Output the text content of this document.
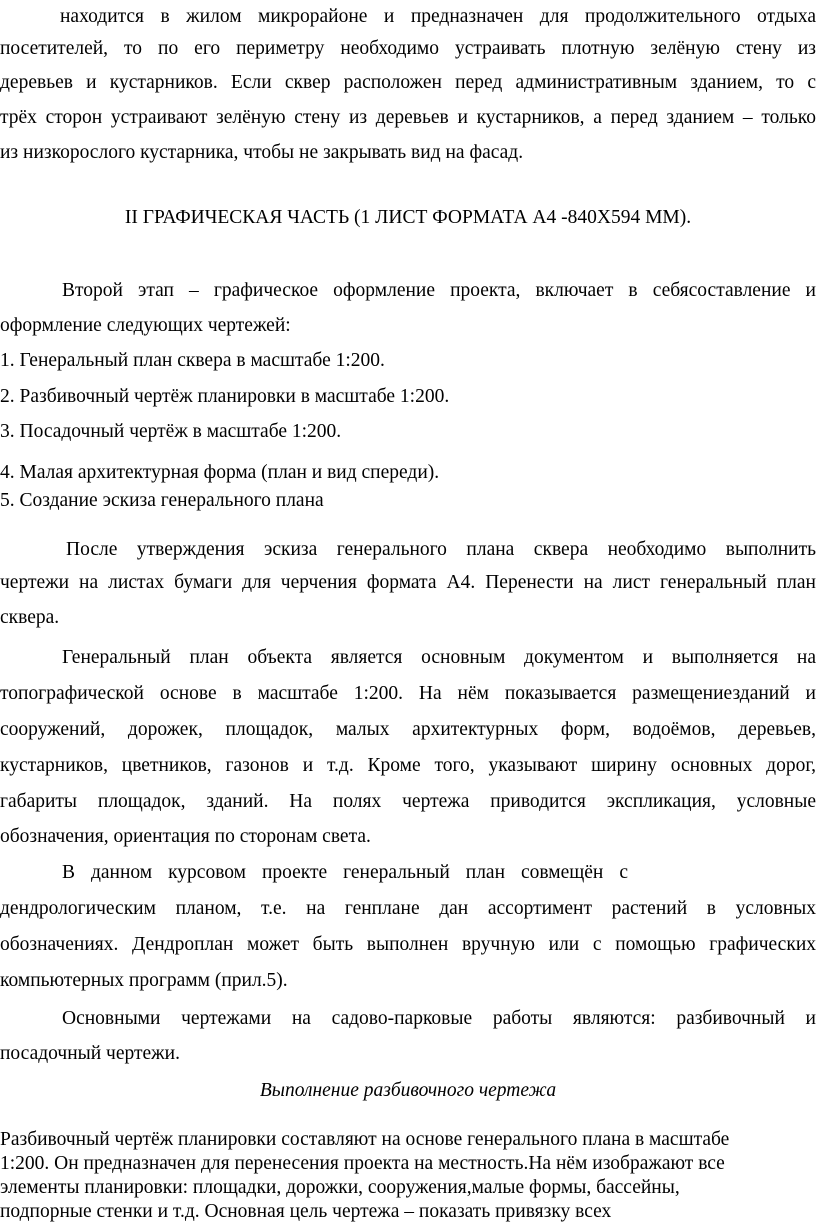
находится в жилом микрорайоне и предназначен для продолжительного отдыха
посетителей, то по его периметру необходимо устраивать плотную зелёную стену из
деревьев и кустарников. Если сквер расположен перед административным зданием, то с
трёх сторон устраивают зелёную стену из деревьев и кустарников, а перед зданием – только
из низкорослого кустарника, чтобы не закрывать вид на фасад.
II ГРАФИЧЕСКАЯ ЧАСТЬ (1 ЛИСТ ФОРМАТА А4 -840Х594 ММ).
Второй этап – графическое оформление проекта, включает в себясоставление и
оформление следующих чертежей:
1. Генеральный план сквера в масштабе 1:200.
2. Разбивочный чертёж планировки в масштабе 1:200.
3. Посадочный чертёж в масштабе 1:200.
4. Малая архитектурная форма (план и вид спереди).
5. Создание эскиза генерального плана
После утверждения эскиза генерального плана сквера необходимо выполнить
чертежи на листах бумаги для черчения формата А4. Перенести на лист генеральный план
сквера.
Генеральный план объекта является основным документом и выполняется на
топографической основе в масштабе 1:200. На нём показывается размещениезданий и
сооружений, дорожек, площадок, малых архитектурных форм, водоёмов, деревьев,
кустарников, цветников, газонов и т.д. Кроме того, указывают ширину основных дорог,
габариты площадок, зданий. На полях чертежа приводится экспликация, условные
обозначения, ориентация по сторонам света.
В данном курсовом проекте генеральный план совмещён с
дендрологическим планом, т.е. на генплане дан ассортимент растений в условных
обозначениях. Дендроплан может быть выполнен вручную или с помощью графических
компьютерных программ (прил.5).
Основными чертежами на садово-парковые работы являются: разбивочный и
посадочный чертежи.
Выполнение разбивочного чертежа
Разбивочный чертёж планировки составляют на основе генерального плана в масштабе
1:200. Он предназначен для перенесения проекта на местность.На нём изображают все
элементы планировки: площадки, дорожки, сооружения,малые формы, бассейны,
подпорные стенки и т.д. Основная цель чертежа – показать привязку всех
